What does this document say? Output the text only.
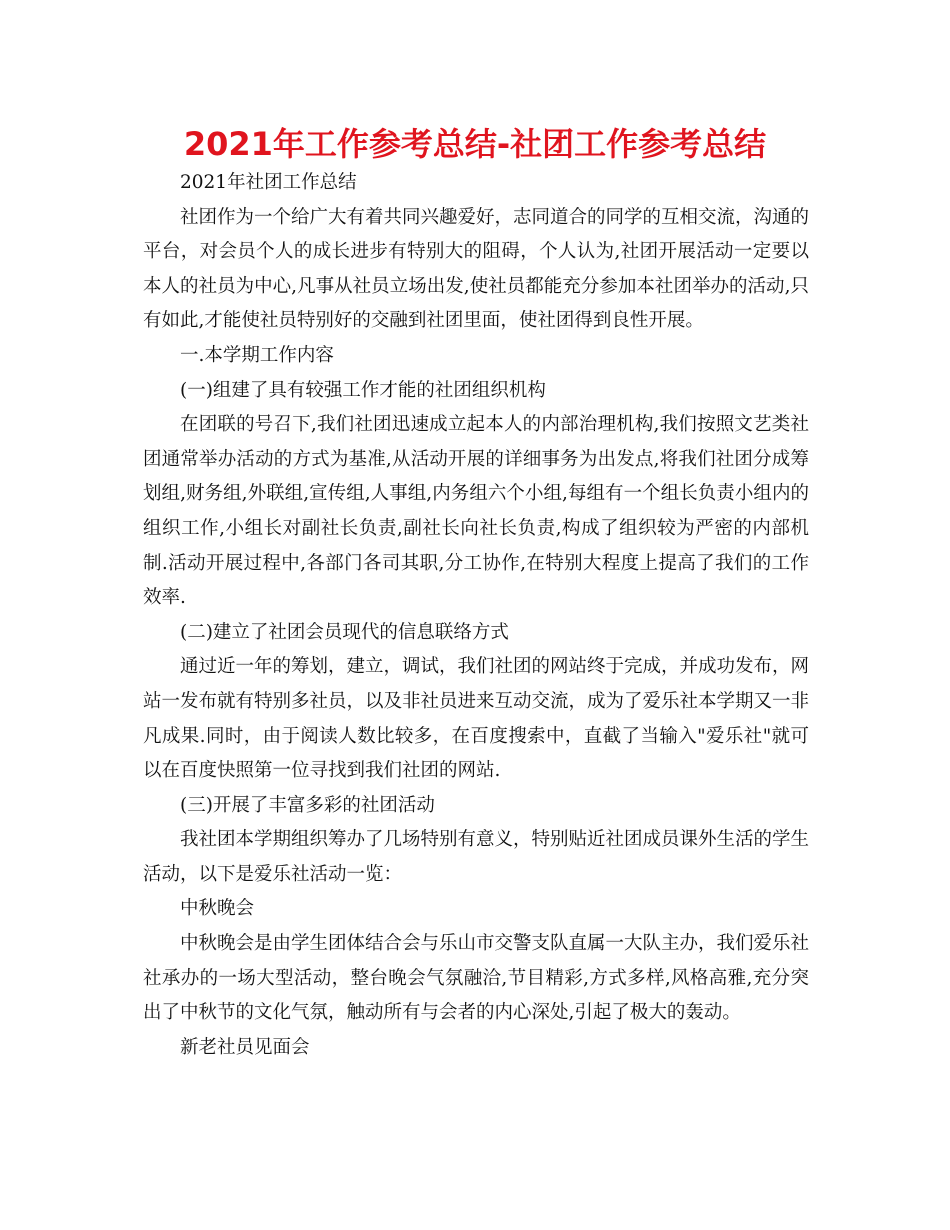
2021年工作参考总结-社团工作参考总结

2021年社团工作总结

社团作为一个给广大有着共同兴趣爱好，志同道合的同学的互相交流，沟通的平台，对会员个人的成长进步有特别大的阻碍，个人认为,社团开展活动一定要以本人的社员为中心,凡事从社员立场出发,使社员都能充分参加本社团举办的活动,只有如此,才能使社员特别好的交融到社团里面，使社团得到良性开展。

一.本学期工作内容

(一)组建了具有较强工作才能的社团组织机构

在团联的号召下,我们社团迅速成立起本人的内部治理机构,我们按照文艺类社团通常举办活动的方式为基准,从活动开展的详细事务为出发点,将我们社团分成筹划组,财务组,外联组,宣传组,人事组,内务组六个小组,每组有一个组长负责小组内的组织工作,小组长对副社长负责,副社长向社长负责,构成了组织较为严密的内部机制.活动开展过程中,各部门各司其职,分工协作,在特别大程度上提高了我们的工作效率.

(二)建立了社团会员现代的信息联络方式

通过近一年的筹划，建立，调试，我们社团的网站终于完成，并成功发布，网站一发布就有特别多社员，以及非社员进来互动交流，成为了爱乐社本学期又一非凡成果.同时，由于阅读人数比较多，在百度搜索中，直截了当输入"爱乐社"就可以在百度快照第一位寻找到我们社团的网站.

(三)开展了丰富多彩的社团活动

我社团本学期组织筹办了几场特别有意义，特别贴近社团成员课外生活的学生活动，以下是爱乐社活动一览：

中秋晚会

中秋晚会是由学生团体结合会与乐山市交警支队直属一大队主办，我们爱乐社社承办的一场大型活动，整台晚会气氛融洽,节目精彩,方式多样,风格高雅,充分突出了中秋节的文化气氛，触动所有与会者的内心深处,引起了极大的轰动。

新老社员见面会
